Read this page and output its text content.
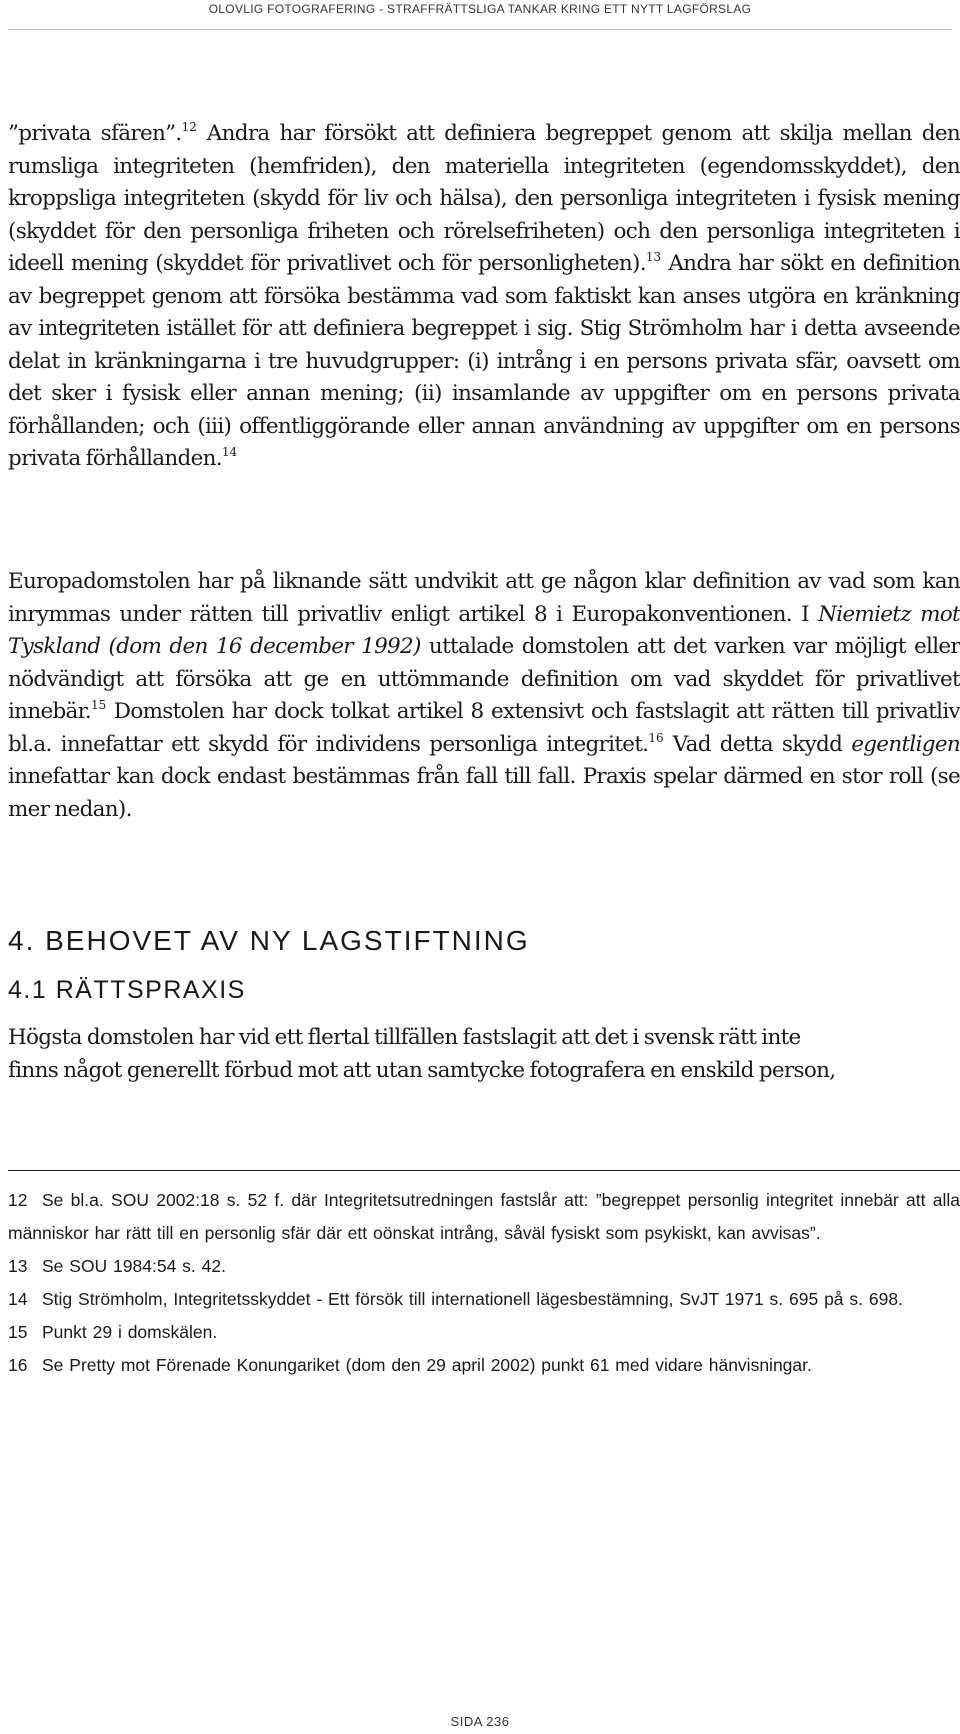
OLOVLIG FOTOGRAFERING - STRAFFRÄTTSLIGA TANKAR KRING ETT NYTT LAGFÖRSLAG

”privata sfären”.$^{12}$ Andra har försökt att definiera begreppet genom att skilja mellan den rumsliga integriteten (hemfriden), den materiella integriteten (egendomsskyddet), den kroppsliga integriteten (skydd för liv och hälsa), den personliga integriteten i fysisk mening (skyddet för den personliga friheten och rörelsefriheten) och den personliga integriteten i ideell mening (skyddet för privatlivet och för personligheten).$^{13}$ Andra har sökt en definition av begreppet genom att försöka bestämma vad som faktiskt kan anses utgöra en kränkning av integriteten istället för att definiera begreppet i sig. Stig Strömholm har i detta avseende delat in kränkningarna i tre huvudgrupper: (i) intrång i en persons privata sfär, oavsett om det sker i fysisk eller annan mening; (ii) insamlande av uppgifter om en persons privata förhållanden; och (iii) offentliggörande eller annan användning av uppgifter om en persons privata förhållanden.$^{14}$

Europadomstolen har på liknande sätt undvikit att ge någon klar definition av vad som kan inrymmas under rätten till privatliv enligt artikel 8 i Europakonventionen. I Niemietz mot Tyskland (dom den 16 december 1992) uttalade domstolen att det varken var möjligt eller nödvändigt att försöka att ge en uttömmande definition om vad skyddet för privatlivet innebär.$^{15}$ Domstolen har dock tolkat artikel 8 extensivt och fastslagit att rätten till privatliv bl.a. innefattar ett skydd för individens personliga integritet.$^{16}$ Vad detta skydd egentligen innefattar kan dock endast bestämmas från fall till fall. Praxis spelar därmed en stor roll (se mer nedan).

4. BEHOVET AV NY LAGSTIFTNING
4.1 RÄTTSPRAXIS

Högsta domstolen har vid ett flertal tillfällen fastslagit att det i svensk rätt inte
finns något generellt förbud mot att utan samtycke fotografera en enskild person,

12 Se bl.a. SOU 2002:18 s. 52 f. där Integritetsutredningen fastslår att: ”begreppet personlig integritet innebär att alla människor har rätt till en personlig sfär där ett oönskat intrång, såväl fysiskt som psykiskt, kan avvisas”.
13 Se SOU 1984:54 s. 42.
14 Stig Strömholm, Integritetsskyddet - Ett försök till internationell lägesbestämning, SvJT 1971 s. 695 på s. 698.
15 Punkt 29 i domskälen.
16 Se Pretty mot Förenade Konungariket (dom den 29 april 2002) punkt 61 med vidare hänvisningar.
SIDA 236
